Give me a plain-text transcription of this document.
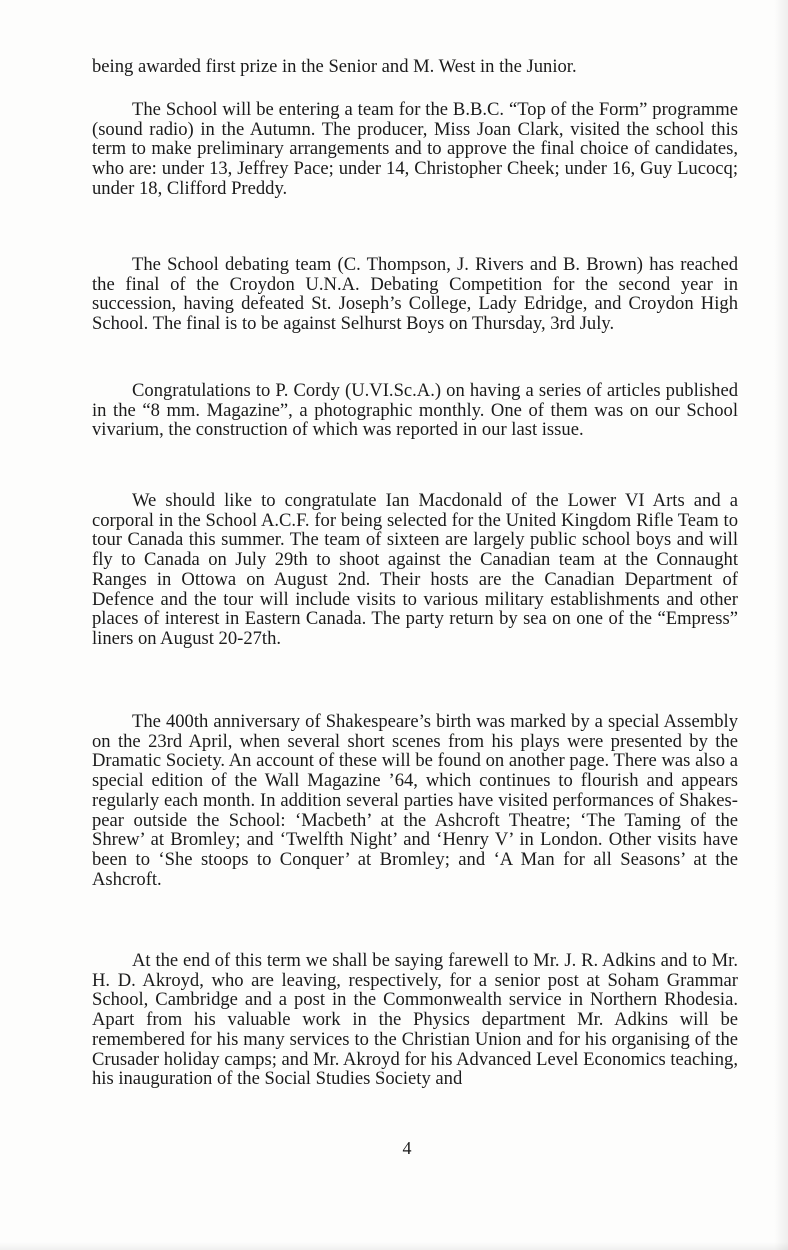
being awarded first prize in the Senior and M. West in the Junior.

The School will be entering a team for the B.B.C. “Top of the Form” programme (sound radio) in the Autumn. The producer, Miss Joan Clark, visited the school this term to make preliminary arrangements and to approve the final choice of candidates, who are: under 13, Jeffrey Pace; under 14, Christopher Cheek; under 16, Guy Lucocq; under 18, Clifford Preddy.

The School debating team (C. Thompson, J. Rivers and B. Brown) has reached the final of the Croydon U.N.A. Debating Competition for the second year in succession, having defeated St. Joseph’s College, Lady Edridge, and Croydon High School. The final is to be against Selhurst Boys on Thursday, 3rd July.

Congratulations to P. Cordy (U.VI.Sc.A.) on having a series of articles published in the “8 mm. Magazine”, a photographic monthly. One of them was on our School vivarium, the construction of which was reported in our last issue.

We should like to congratulate Ian Macdonald of the Lower VI Arts and a corporal in the School A.C.F. for being selected for the United Kingdom Rifle Team to tour Canada this summer. The team of sixteen are largely public school boys and will fly to Canada on July 29th to shoot against the Canadian team at the Connaught Ranges in Ottowa on August 2nd. Their hosts are the Canadian Department of Defence and the tour will include visits to various military establishments and other places of interest in Eastern Canada. The party return by sea on one of the “Empress” liners on August 20-27th.

The 400th anniversary of Shakespeare’s birth was marked by a special Assembly on the 23rd April, when several short scenes from his plays were presented by the Dramatic Society. An account of these will be found on another page. There was also a special edition of the Wall Magazine ’64, which continues to flourish and appears regularly each month. In addition several parties have visited performances of Shakes-pear outside the School: ‘Macbeth’ at the Ashcroft Theatre; ‘The Taming of the Shrew’ at Bromley; and ‘Twelfth Night’ and ‘Henry V’ in London. Other visits have been to ‘She stoops to Conquer’ at Bromley; and ‘A Man for all Seasons’ at the Ashcroft.

At the end of this term we shall be saying farewell to Mr. J. R. Adkins and to Mr. H. D. Akroyd, who are leaving, respectively, for a senior post at Soham Grammar School, Cambridge and a post in the Commonwealth service in Northern Rhodesia. Apart from his valuable work in the Physics department Mr. Adkins will be remembered for his many services to the Christian Union and for his organising of the Crusader holiday camps; and Mr. Akroyd for his Advanced Level Economics teaching, his inauguration of the Social Studies Society and

4
